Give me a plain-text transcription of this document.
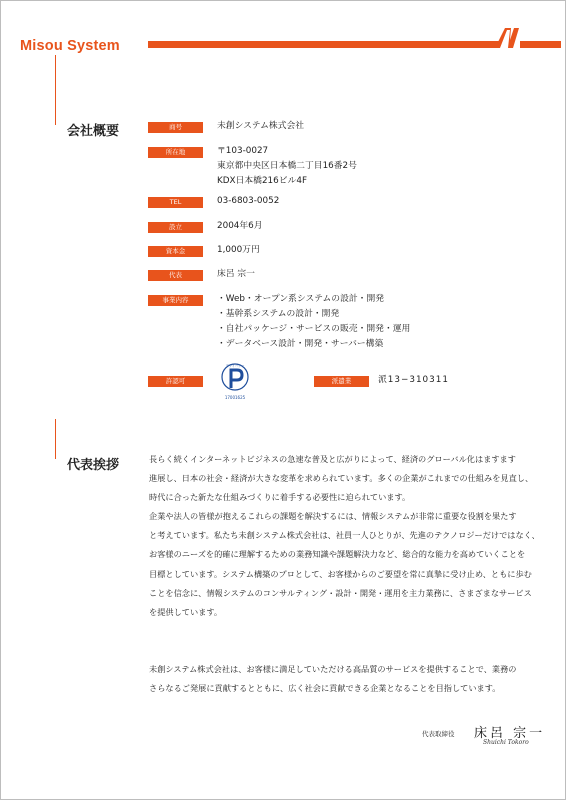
Misou System
会社概要	商号	未創システム株式会社
所在地	〒103-0027
東京都中央区日本橋二丁目16番2号
KDX日本橋216ビル4F
TEL	03-6803-0052
設立	2004年6月
資本金	1,000万円
代表	床呂 宗一
事業内容	・Web・オープン系システムの設計・開発
・基幹系システムの設計・開発
・自社パッケージ・サービスの販売・開発・運用
・データベース設計・開発・サーバー構築
許認可
プライバシー
17001625
派遣業	派13−310311
代表挨拶	長らく続くインターネットビジネスの急速な普及と広がりによって、経済のグローバル化はますます

進展し、日本の社会・経済が大きな変革を求められています。多くの企業がこれまでの仕組みを見直し、

時代に合った新たな仕組みづくりに着手する必要性に迫られています。

企業や法人の皆様が抱えるこれらの課題を解決するには、情報システムが非常に重要な役割を果たす

と考えています。私たち未創システム株式会社は、社員一人ひとりが、先進のテクノロジーだけではなく、

お客様のニーズを的確に理解するための業務知識や課題解決力など、総合的な能力を高めていくことを

目標としています。システム構築のプロとして、お客様からのご要望を常に真摯に受け止め、ともに歩む

ことを信念に、情報システムのコンサルティング・設計・開発・運用を主力業務に、さまざまなサービス

を提供しています。

未創システム株式会社は、お客様に満足していただける高品質のサービスを提供することで、業務の

さらなるご発展に貢献するとともに、広く社会に貢献できる企業となることを目指しています。

代表取締役 床呂 宗一
Shuichi Tokoro
